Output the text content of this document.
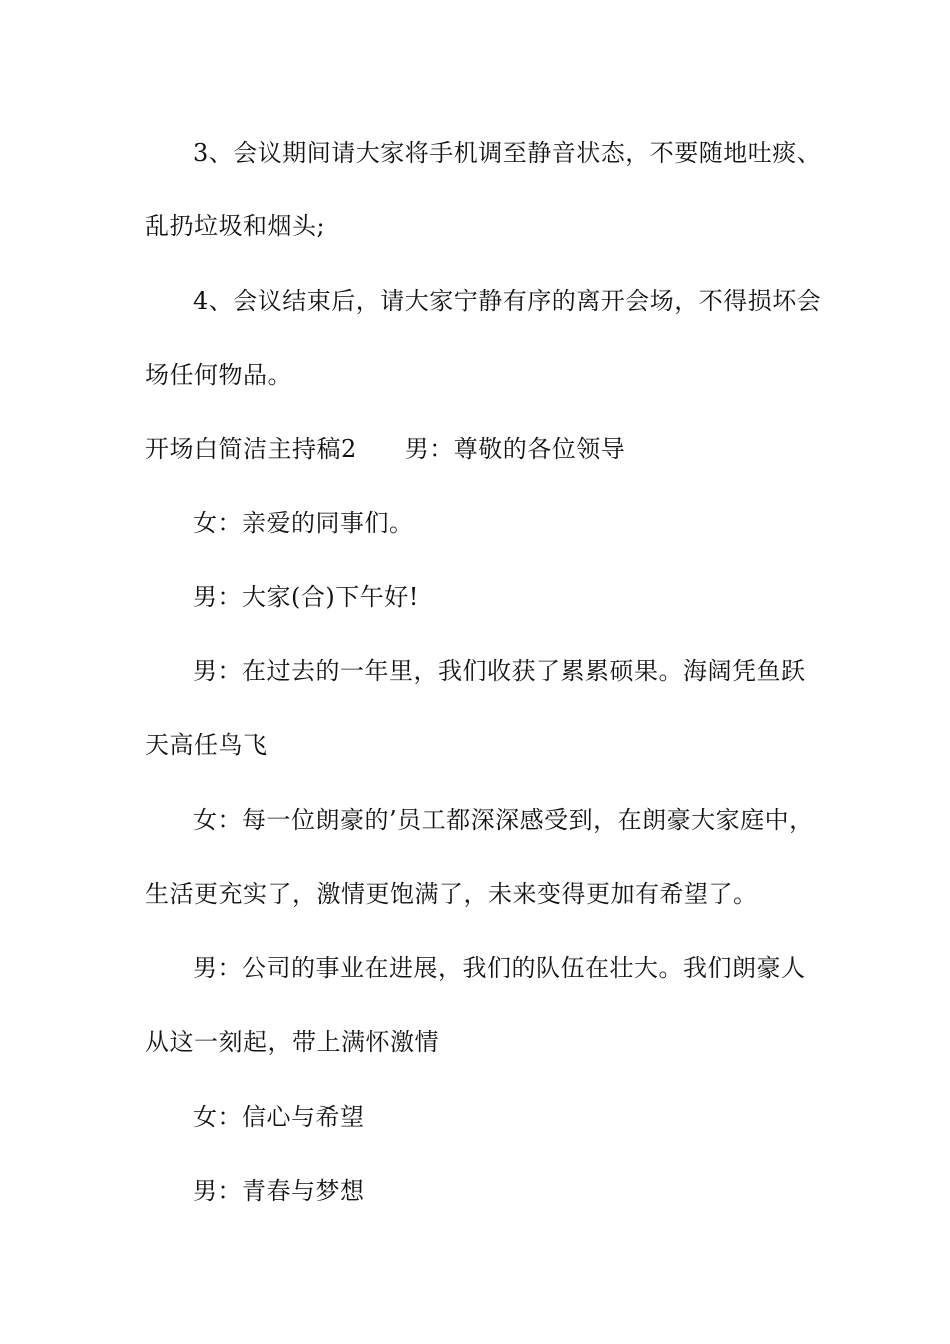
3、会议期间请大家将手机调至静音状态，不要随地吐痰、
乱扔垃圾和烟头;
4、会议结束后，请大家宁静有序的离开会场，不得损坏会
场任何物品。
开场白简洁主持稿2 男：尊敬的各位领导
女：亲爱的同事们。
男：大家(合)下午好!
男：在过去的一年里，我们收获了累累硕果。海阔凭鱼跃
天高任鸟飞
女：每一位朗豪的’员工都深深感受到，在朗豪大家庭中，
生活更充实了，激情更饱满了，未来变得更加有希望了。
男：公司的事业在进展，我们的队伍在壮大。我们朗豪人
从这一刻起，带上满怀激情
女：信心与希望
男：青春与梦想
